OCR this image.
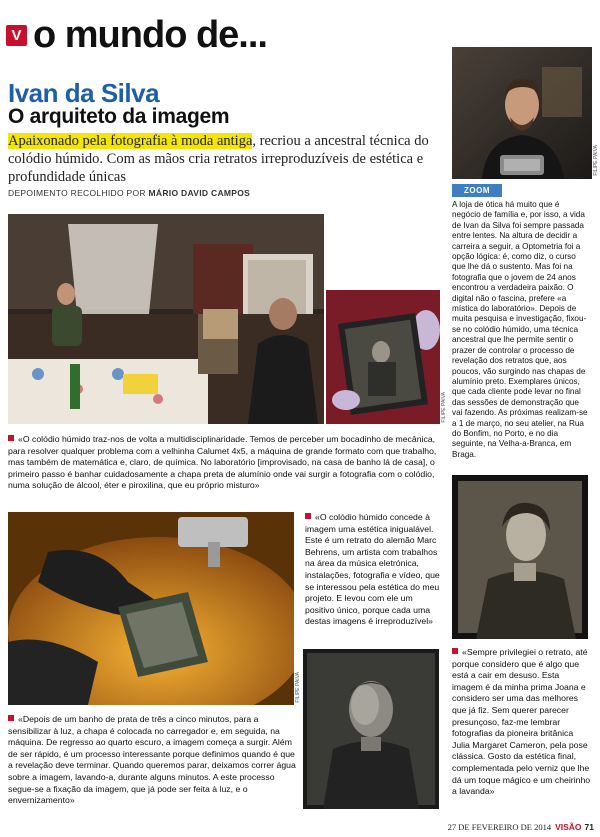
V o mundo de...
Ivan da Silva
O arquiteto da imagem
Apaixonado pela fotografia à moda antiga, recriou a ancestral técnica do colódio húmido. Com as mãos cria retratos irreproduzíveis de estética e profundidade únicas
DEPOIMENTO RECOLHIDO POR MÁRIO DAVID CAMPOS
FILIPE PAIVA
ZOOM
A loja de ótica há muito que é negócio de família e, por isso, a vida de Ivan da Silva foi sempre passada entre lentes. Na altura de decidir a carreira a seguir, a Optometria foi a opção lógica: é, como diz, o curso que lhe dá o sustento. Mas foi na fotografia que o jovem de 24 anos encontrou a verdadeira paixão. O digital não o fascina, prefere «a mística do laboratório». Depois de muita pesquisa e investigação, fixou-se no colódio húmido, uma técnica ancestral que lhe permite sentir o prazer de controlar o processo de revelação dos retratos que, aos poucos, vão surgindo nas chapas de alumínio preto. Exemplares únicos, que cada cliente pode levar no final das sessões de demonstração que vai fazendo. As próximas realizam-se a 1 de março, no seu atelier, na Rua do Bonfim, no Porto, e no dia seguinte, na Velha-a-Branca, em Braga.
FILIPE PAIVA
«O colódio húmido traz-nos de volta a multidisciplinaridade. Temos de perceber um bocadinho de mecânica, para resolver qualquer problema com a velhinha Calumet 4x5, a máquina de grande formato com que trabalho, mas também de matemática e, claro, de química. No laboratório [improvisado, na casa de banho lá de casa], o primeiro passo é banhar cuidadosamente a chapa preta de alumínio onde vai surgir a fotografia com o colódio, numa solução de álcool, éter e piroxilina, que eu próprio misturo»
FILIPE PAIVA
«Depois de um banho de prata de três a cinco minutos, para a sensibilizar à luz, a chapa é colocada no carregador e, em seguida, na máquina. De regresso ao quarto escuro, a imagem começa a surgir. Além de ser rápido, é um processo interessante porque definimos quando é que a revelação deve terminar. Quando queremos parar, deixamos correr água sobre a imagem, lavando-a, durante alguns minutos. A este processo segue-se a fixação da imagem, que já pode ser feita à luz, e o envernizamento»
«O colódio húmido concede à imagem uma estética inigualável. Este é um retrato do alemão Marc Behrens, um artista com trabalhos na área da música eletrónica, instalações, fotografia e vídeo, que se interessou pela estética do meu projeto. E levou com ele um positivo único, porque cada uma destas imagens é irreproduzível»
«Sempre privilegiei o retrato, até porque considero que é algo que está a cair em desuso. Esta imagem é da minha prima Joana e considero ser uma das melhores que já fiz. Sem querer parecer presunçoso, faz-me lembrar fotografias da pioneira britânica Julia Margaret Cameron, pela pose clássica. Gosto da estética final, complementada pelo verniz que lhe dá um toque mágico e um cheirinho a lavanda»
27 DE FEVEREIRO DE 2014 VISÃO 71
